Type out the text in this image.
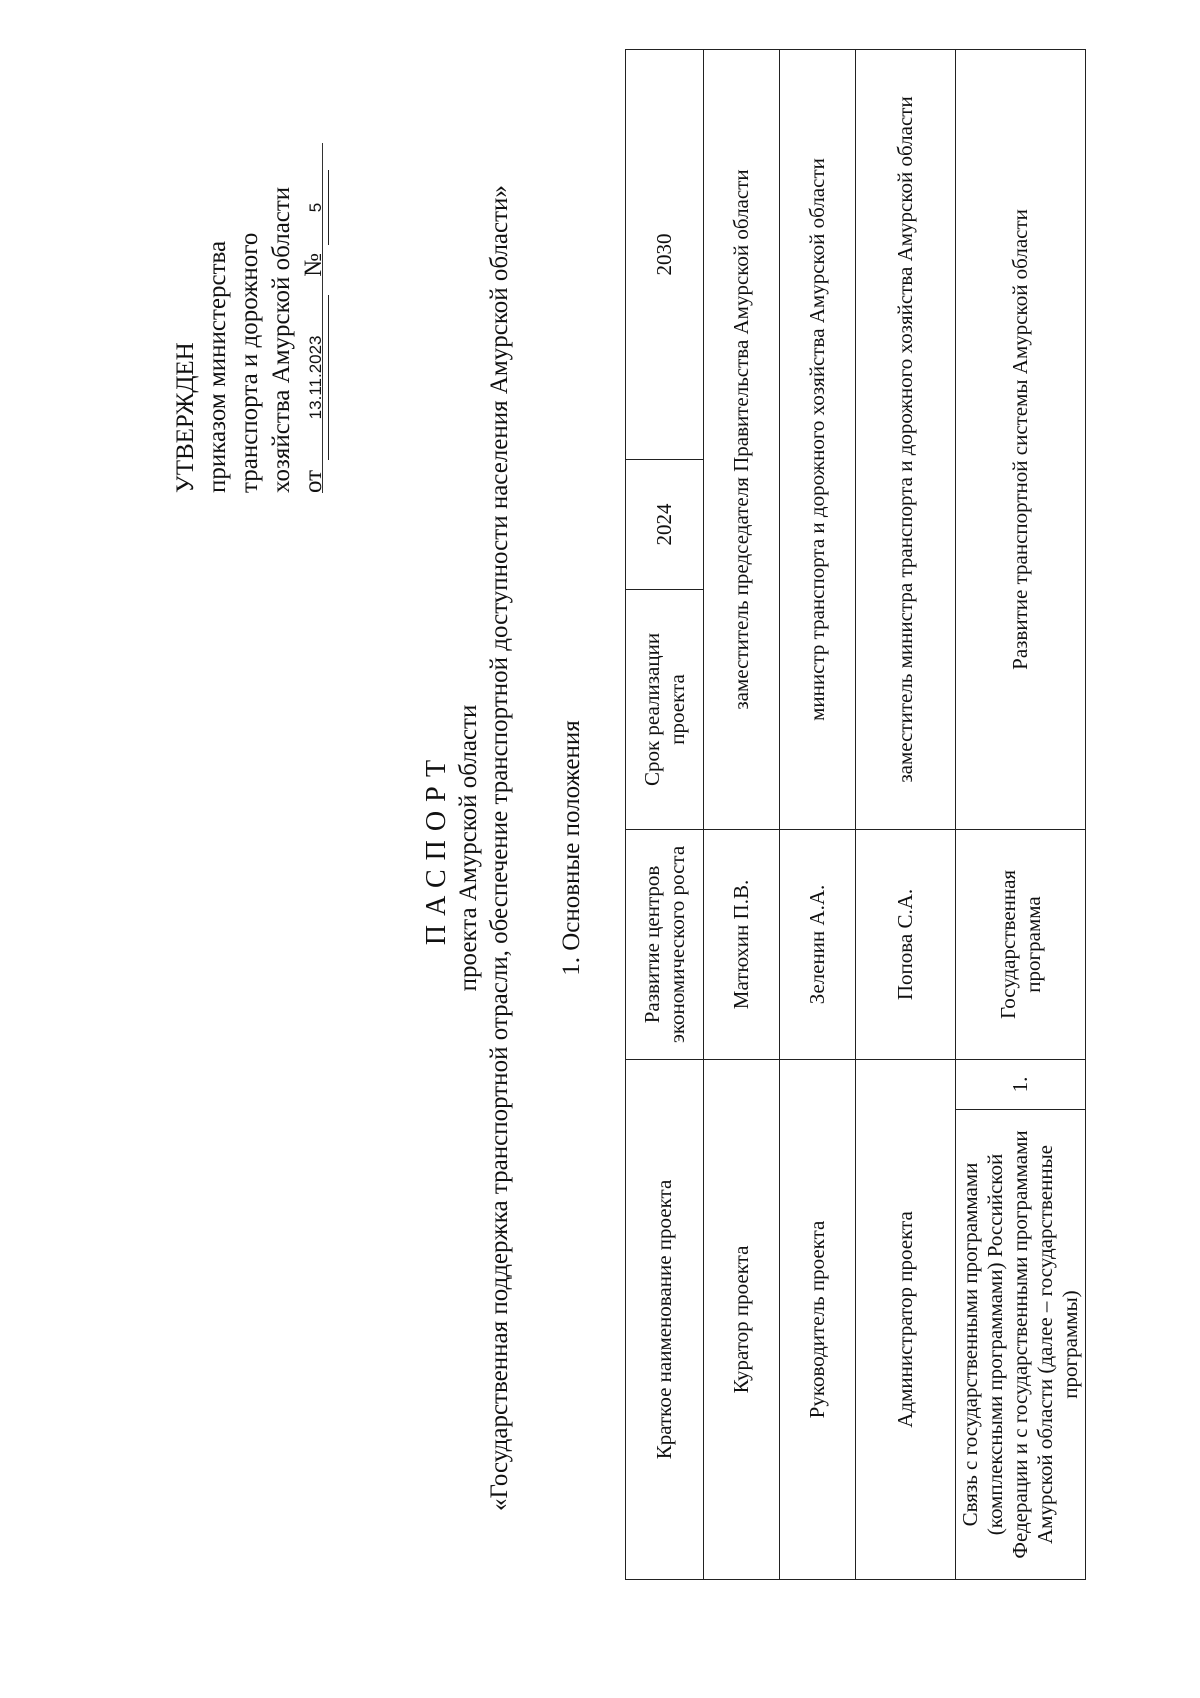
УТВЕРЖДЕН приказом министерства транспорта и дорожного хозяйства Амурской области от13.11.2023№5
ПАСПОРТ проекта Амурской области «Государственная поддержка транспортной отрасли, обеспечение транспортной доступности населения Амурской области» 1. Основные положения
Краткое наименование проекта		Развитие центров экономического роста	Срок реализации проекта	2024	2030
Куратор проекта		Матюхин П.В.	заместитель председателя Правительства Амурской области		
Руководитель проекта		Зеленин А.А.	министр транспорта и дорожного хозяйства Амурской области		
Администратор проекта		Попова С.А.	заместитель министра транспорта и дорожного хозяйства Амурской области		
Связь с государственными программами (комплексными программами) Российской Федерации и с государственными программами Амурской области (далее – государственные программы)	1.	Государственная программа	Развитие транспортной системы Амурской области		
